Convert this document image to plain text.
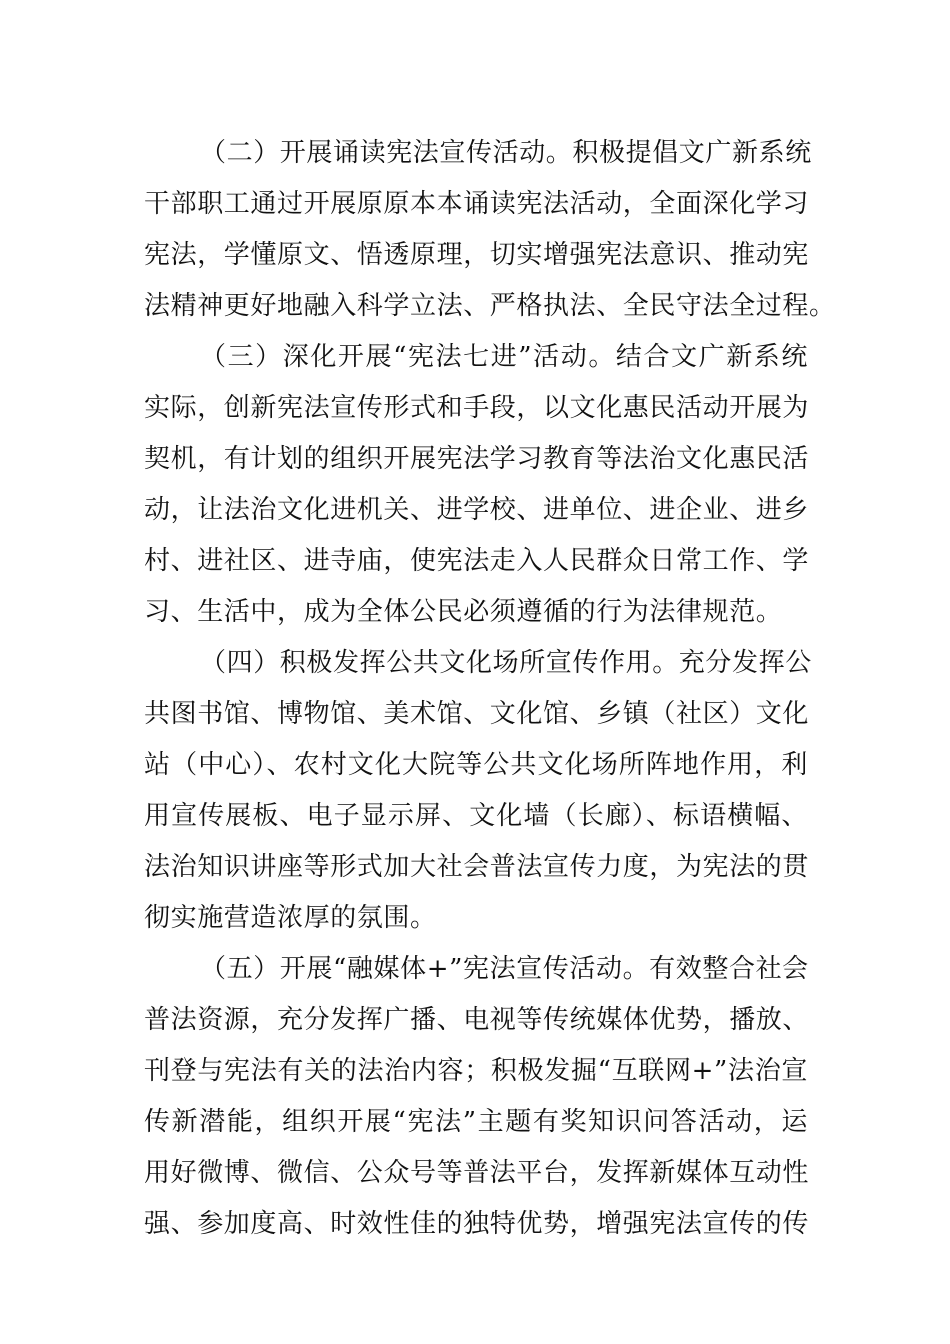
（二）开展诵读宪法宣传活动。积极提倡文广新系统
干部职工通过开展原原本本诵读宪法活动，全面深化学习
宪法，学懂原文、悟透原理，切实增强宪法意识、推动宪
法精神更好地融入科学立法、严格执法、全民守法全过程。
（三）深化开展“宪法七进”活动。结合文广新系统
实际，创新宪法宣传形式和手段，以文化惠民活动开展为
契机，有计划的组织开展宪法学习教育等法治文化惠民活
动，让法治文化进机关、进学校、进单位、进企业、进乡
村、进社区、进寺庙，使宪法走入人民群众日常工作、学
习、生活中，成为全体公民必须遵循的行为法律规范。
（四）积极发挥公共文化场所宣传作用。充分发挥公
共图书馆、博物馆、美术馆、文化馆、乡镇（社区）文化
站（中心）、农村文化大院等公共文化场所阵地作用，利
用宣传展板、电子显示屏、文化墙（长廊）、标语横幅、
法治知识讲座等形式加大社会普法宣传力度，为宪法的贯
彻实施营造浓厚的氛围。
（五）开展“融媒体+”宪法宣传活动。有效整合社会
普法资源，充分发挥广播、电视等传统媒体优势，播放、
刊登与宪法有关的法治内容；积极发掘“互联网+”法治宣
传新潜能，组织开展“宪法”主题有奖知识问答活动，运
用好微博、微信、公众号等普法平台，发挥新媒体互动性
强、参加度高、时效性佳的独特优势，增强宪法宣传的传
